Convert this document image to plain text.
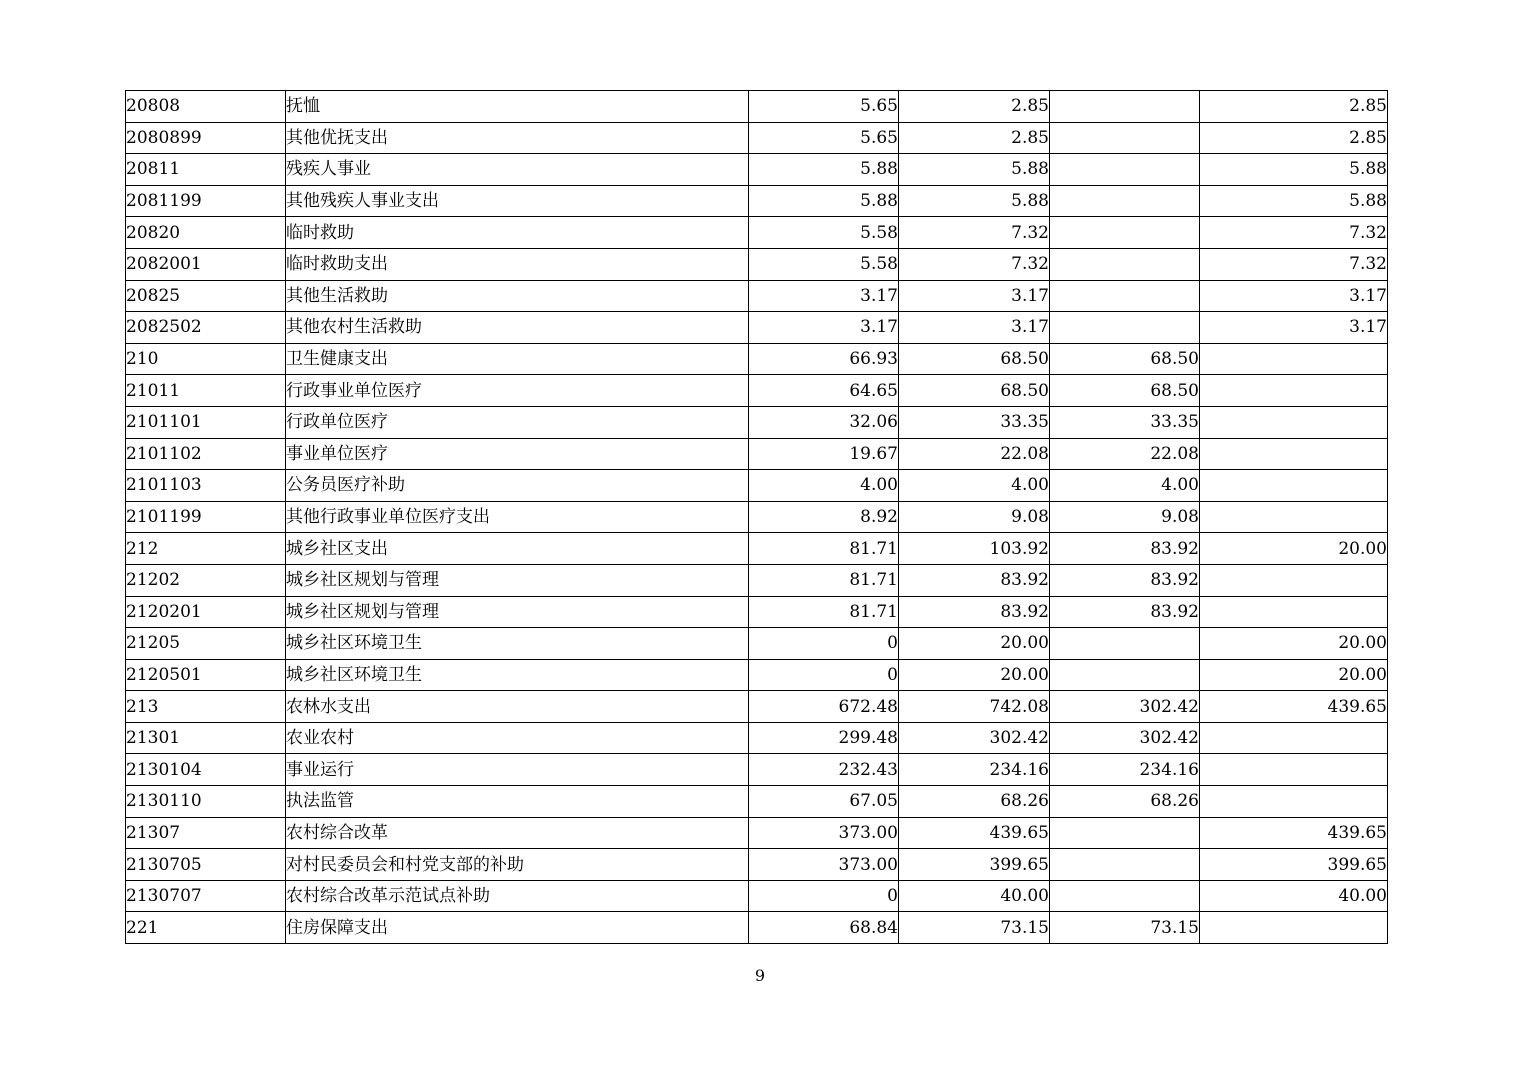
20808	抚恤	5.65	2.85		2.85
2080899	其他优抚支出	5.65	2.85		2.85
20811	残疾人事业	5.88	5.88		5.88
2081199	其他残疾人事业支出	5.88	5.88		5.88
20820	临时救助	5.58	7.32		7.32
2082001	临时救助支出	5.58	7.32		7.32
20825	其他生活救助	3.17	3.17		3.17
2082502	其他农村生活救助	3.17	3.17		3.17
210	卫生健康支出	66.93	68.50	68.50	
21011	行政事业单位医疗	64.65	68.50	68.50	
2101101	行政单位医疗	32.06	33.35	33.35	
2101102	事业单位医疗	19.67	22.08	22.08	
2101103	公务员医疗补助	4.00	4.00	4.00	
2101199	其他行政事业单位医疗支出	8.92	9.08	9.08	
212	城乡社区支出	81.71	103.92	83.92	20.00
21202	城乡社区规划与管理	81.71	83.92	83.92	
2120201	城乡社区规划与管理	81.71	83.92	83.92	
21205	城乡社区环境卫生	0	20.00		20.00
2120501	城乡社区环境卫生	0	20.00		20.00
213	农林水支出	672.48	742.08	302.42	439.65
21301	农业农村	299.48	302.42	302.42	
2130104	事业运行	232.43	234.16	234.16	
2130110	执法监管	67.05	68.26	68.26	
21307	农村综合改革	373.00	439.65		439.65
2130705	对村民委员会和村党支部的补助	373.00	399.65		399.65
2130707	农村综合改革示范试点补助	0	40.00		40.00
221	住房保障支出	68.84	73.15	73.15	
9
